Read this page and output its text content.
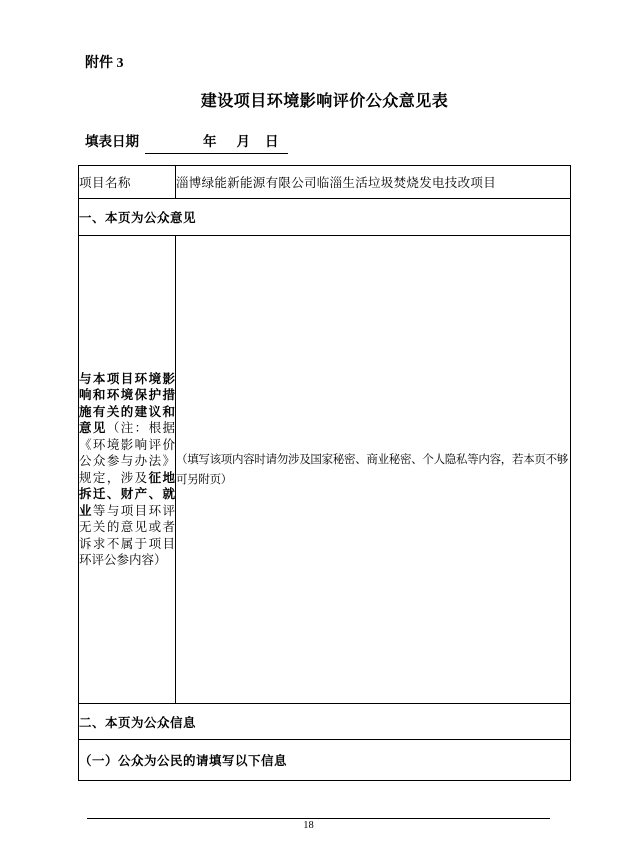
附件 3
建设项目环境影响评价公众意见表
填表日期	年 月 日
项目名称	淄博绿能新能源有限公司临淄生活垃圾焚烧发电技改项目
一、本页为公众意见	
与本项目环境影响和环境保护措施有关的建议和意见（注：根据《环境影响评价公众参与办法》规定，涉及征地拆迁、财产、就业等与项目环评无关的意见或者诉求不属于项目环评公参内容）	（填写该项内容时请勿涉及国家秘密、商业秘密、个人隐私等内容，若本页不够可另附页）

二、本页为公众信息	
（一）公众为公民的请填写以下信息	
18
